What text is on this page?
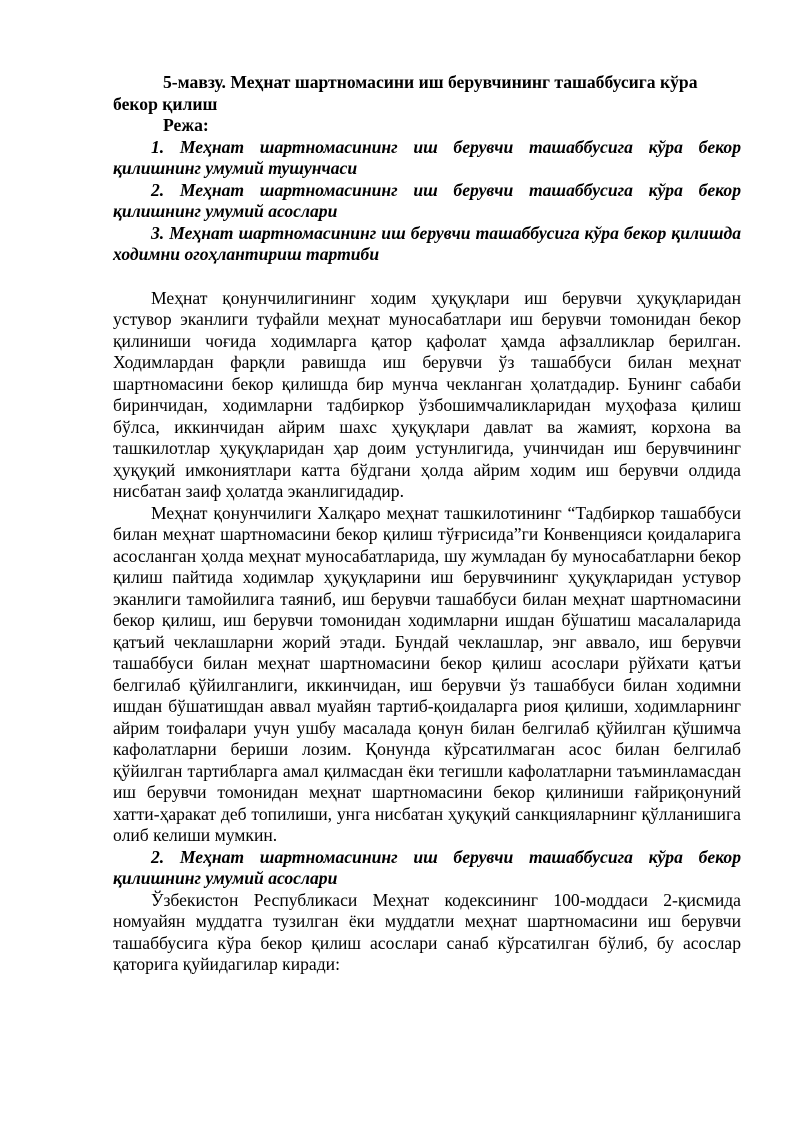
5-мавзу. Меҳнат шартномасини иш берувчининг ташаббусига кўра бекор қилиш

Режа:

1. Меҳнат шартномасининг иш берувчи ташаббусига кўра бекор қилишнинг умумий тушунчаси

2. Меҳнат шартномасининг иш берувчи ташаббусига кўра бекор қилишнинг умумий асослари

3. Меҳнат шартномасининг иш берувчи ташаббусига кўра бекор қилишда ходимни огоҳлантириш тартиби

Меҳнат қонунчилигининг ходим ҳуқуқлари иш берувчи ҳуқуқларидан устувор эканлиги туфайли меҳнат муносабатлари иш берувчи томонидан бекор қилиниши чоғида ходимларга қатор қафолат ҳамда афзалликлар берилган. Ходимлардан фарқли равишда иш берувчи ўз ташаббуси билан меҳнат шартномасини бекор қилишда бир мунча чекланган ҳолатдадир. Бунинг сабаби биринчидан, ходимларни тадбиркор ўзбошимчаликларидан муҳофаза қилиш бўлса, иккинчидан айрим шахс ҳуқуқлари давлат ва жамият, корхона ва ташкилотлар ҳуқуқларидан ҳар доим устунлигида, учинчидан иш берувчининг ҳуқуқий имкониятлари катта бўдгани ҳолда айрим ходим иш берувчи олдида нисбатан заиф ҳолатда эканлигидадир.

Меҳнат қонунчилиги Халқаро меҳнат ташкилотининг “Тадбиркор ташаббуси билан меҳнат шартномасини бекор қилиш тўғрисида”ги Конвенцияси қоидаларига асосланган ҳолда меҳнат муносабатларида, шу жумладан бу муносабатларни бекор қилиш пайтида ходимлар ҳуқуқларини иш берувчининг ҳуқуқларидан устувор эканлиги тамойилига таяниб, иш берувчи ташаббуси билан меҳнат шартномасини бекор қилиш, иш берувчи томонидан ходимларни ишдан бўшатиш масалаларида қатъий чеклашларни жорий этади. Бундай чеклашлар, энг аввало, иш берувчи ташаббуси билан меҳнат шартномасини бекор қилиш асослари рўйхати қатъи белгилаб қўйилганлиги, иккинчидан, иш берувчи ўз ташаббуси билан ходимни ишдан бўшатишдан аввал муайян тартиб-қоидаларга риоя қилиши, ходимларнинг айрим тоифалари учун ушбу масалада қонун билан белгилаб қўйилган қўшимча кафолатларни бериши лозим. Қонунда кўрсатилмаган асос билан белгилаб қўйилган тартибларга амал қилмасдан ёки тегишли кафолатларни таъминламасдан иш берувчи томонидан меҳнат шартномасини бекор қилиниши ғайриқонуний хатти-ҳаракат деб топилиши, унга нисбатан ҳуқуқий санкцияларнинг қўлланишига олиб келиши мумкин.

2. Меҳнат шартномасининг иш берувчи ташаббусига кўра бекор қилишнинг умумий асослари

Ўзбекистон Республикаси Меҳнат кодексининг 100-моддаси 2-қисмида номуайян муддатга тузилган ёки муддатли меҳнат шартномасини иш берувчи ташаббусига кўра бекор қилиш асослари санаб кўрсатилган бўлиб, бу асослар қаторига қуйидагилар киради:
